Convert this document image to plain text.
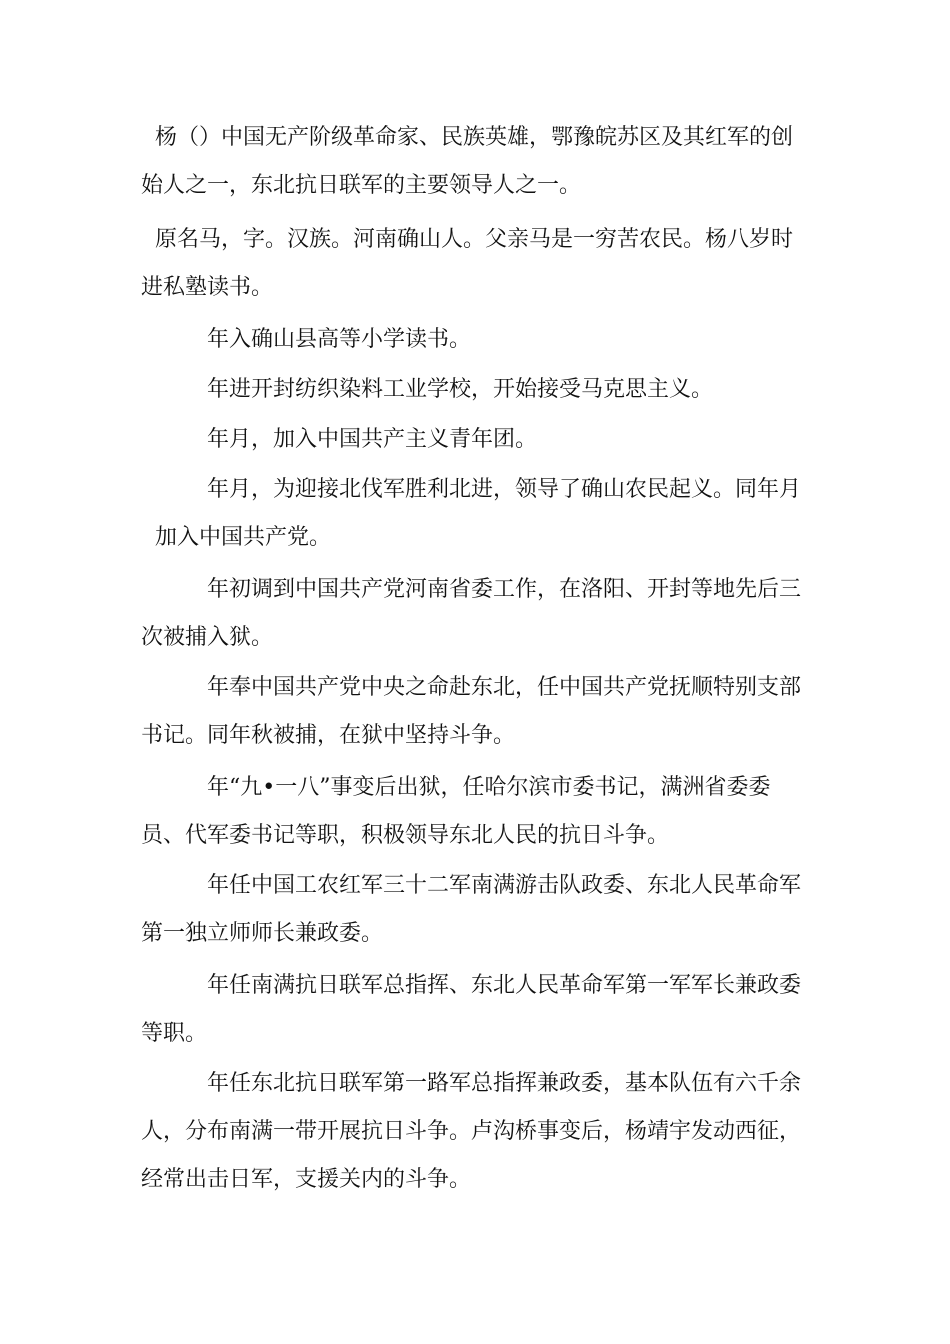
杨（）中国无产阶级革命家、民族英雄，鄂豫皖苏区及其红军的创
始人之一，东北抗日联军的主要领导人之一。
原名马，字。汉族。河南确山人。父亲马是一穷苦农民。杨八岁时
进私塾读书。
年入确山县高等小学读书。
年进开封纺织染料工业学校，开始接受马克思主义。
年月，加入中国共产主义青年团。
年月，为迎接北伐军胜利北进，领导了确山农民起义。同年月
加入中国共产党。
年初调到中国共产党河南省委工作，在洛阳、开封等地先后三
次被捕入狱。
年奉中国共产党中央之命赴东北，任中国共产党抚顺特别支部
书记。同年秋被捕，在狱中坚持斗争。
年“九•一八”事变后出狱，任哈尔滨市委书记，满洲省委委
员、代军委书记等职，积极领导东北人民的抗日斗争。
年任中国工农红军三十二军南满游击队政委、东北人民革命军
第一独立师师长兼政委。
年任南满抗日联军总指挥、东北人民革命军第一军军长兼政委
等职。
年任东北抗日联军第一路军总指挥兼政委，基本队伍有六千余
人，分布南满一带开展抗日斗争。卢沟桥事变后，杨靖宇发动西征，
经常出击日军，支援关内的斗争。
